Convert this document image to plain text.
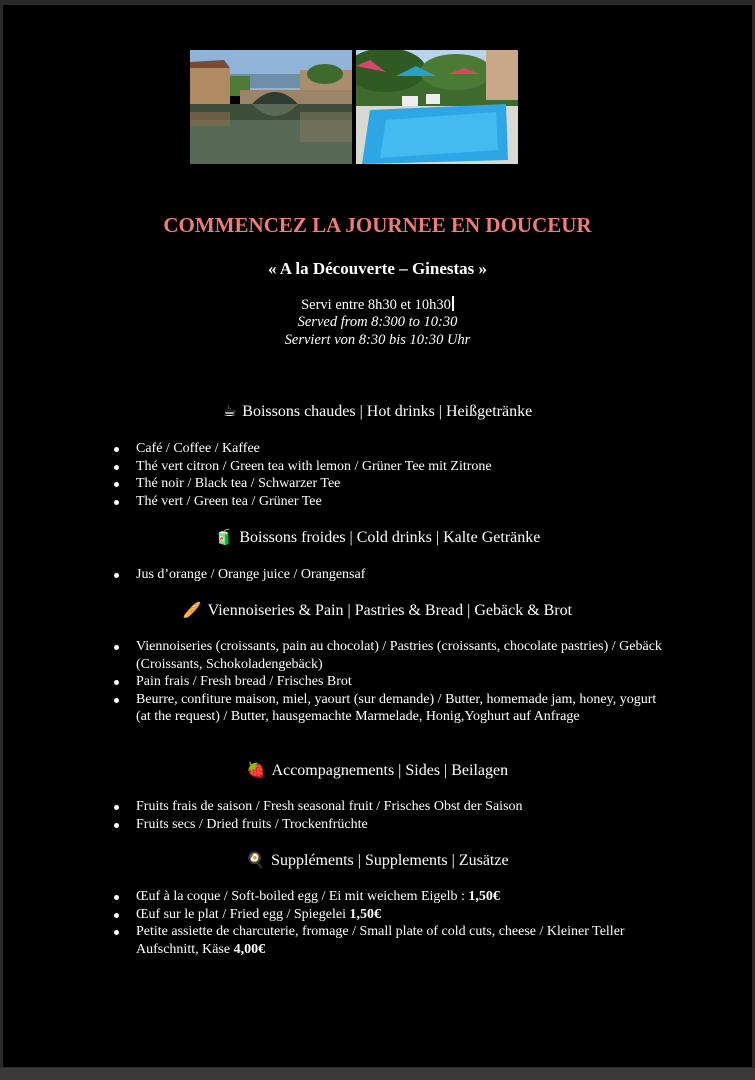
COMMENCEZ LA JOURNEE EN DOUCEUR
« A la Découverte – Ginestas »
Servi entre 8h30 et 10h30
Served from 8:300 to 10:30
Serviert von 8:30 bis 10:30 Uhr
☕ Boissons chaudes | Hot drinks | Heißgetränke
Café / Coffee / Kaffee
Thé vert citron / Green tea with lemon / Grüner Tee mit Zitrone
Thé noir / Black tea / Schwarzer Tee
Thé vert / Green tea / Grüner Tee
🧃 Boissons froides | Cold drinks | Kalte Getränke
Jus d’orange / Orange juice / Orangensaf
🥖 Viennoiseries & Pain | Pastries & Bread | Gebäck & Brot
Viennoiseries (croissants, pain au chocolat) / Pastries (croissants, chocolate pastries) / Gebäck (Croissants, Schokoladengebäck)
Pain frais / Fresh bread / Frisches Brot
Beurre, confiture maison, miel, yaourt (sur demande) / Butter, homemade jam, honey, yogurt (at the request) / Butter, hausgemachte Marmelade, Honig,Yoghurt auf Anfrage
🍓 Accompagnements | Sides | Beilagen
Fruits frais de saison / Fresh seasonal fruit / Frisches Obst der Saison
Fruits secs / Dried fruits / Trockenfrüchte
🍳 Suppléments | Supplements | Zusätze
Œuf à la coque / Soft-boiled egg / Ei mit weichem Eigelb : 1,50€
Œuf sur le plat / Fried egg / Spiegelei 1,50€
Petite assiette de charcuterie, fromage / Small plate of cold cuts, cheese / Kleiner Teller Aufschnitt, Käse 4,00€
